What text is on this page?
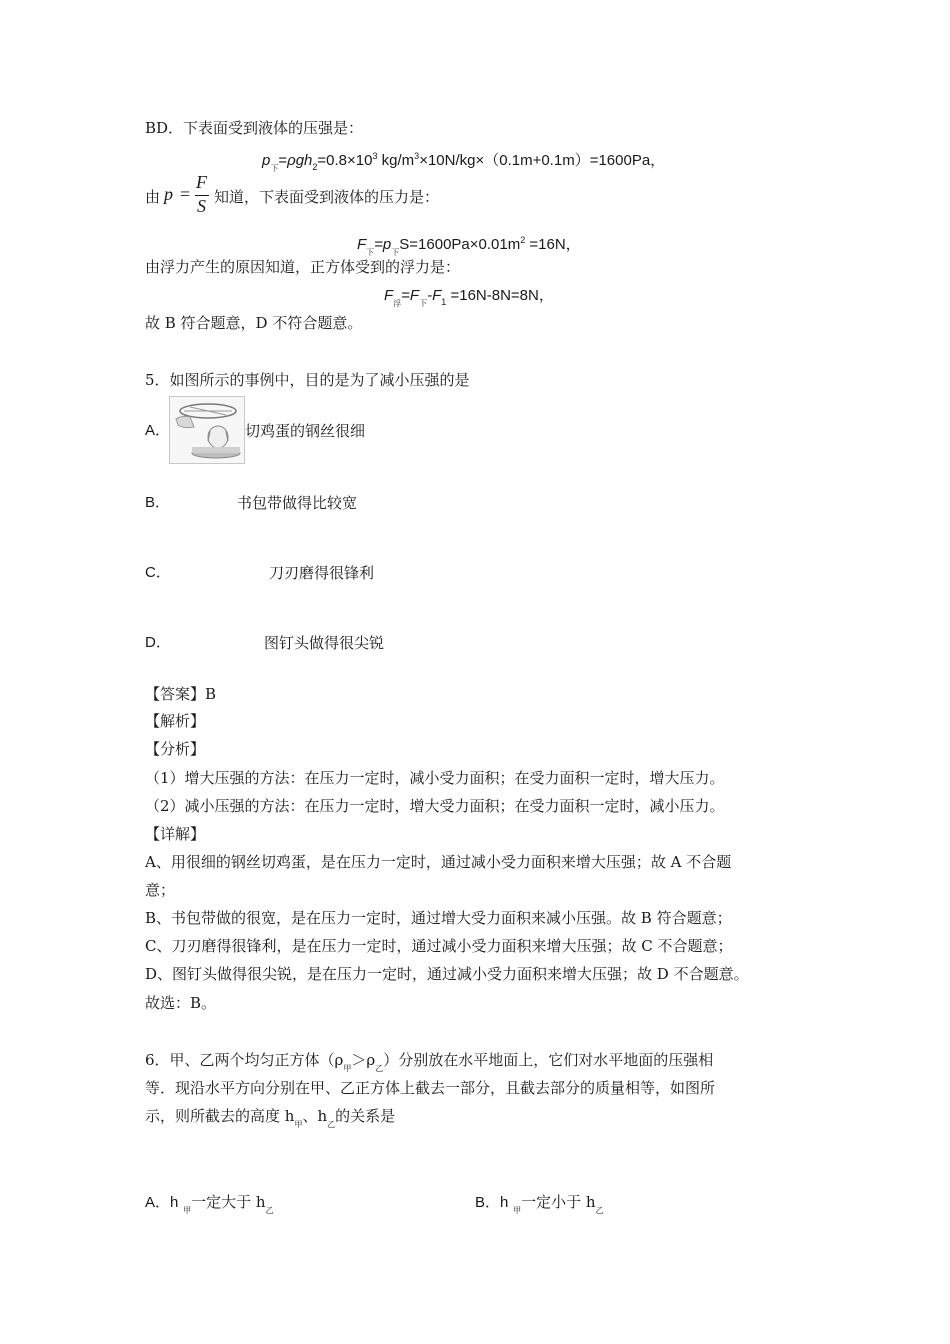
BD．下表面受到液体的压强是：
$p_下=\rho gh_2=0.8\times 10^3$ $kg/m^3\times 10N/kg\times(0.1m+0.1m)=1600Pa$，
由 p =
F
S 知道，下表面受到液体的压力是：
$F_下=p_下S=1600Pa\times 0.01m^2 =16N$，
由浮力产生的原因知道，正方体受到的浮力是：
$F_浮=F_下-F_1 =16N-8N=8N$，
故 B 符合题意，D 不符合题意。
5．如图所示的事例中，目的是为了减小压强的是
A．	切鸡蛋的钢丝很细
B．	书包带做得比较宽
C．	刀刃磨得很锋利
D．	图钉头做得很尖锐
【答案】B
【解析】
【分析】
（1）增大压强的方法：在压力一定时，减小受力面积；在受力面积一定时，增大压力。
（2）减小压强的方法：在压力一定时，增大受力面积；在受力面积一定时，减小压力。
【详解】
A、用很细的钢丝切鸡蛋，是在压力一定时，通过减小受力面积来增大压强；故 A 不合题
意；
B、书包带做的很宽，是在压力一定时，通过增大受力面积来减小压强。故 B 符合题意；
C、刀刃磨得很锋利，是在压力一定时，通过减小受力面积来增大压强；故 C 不合题意；
D、图钉头做得很尖锐，是在压力一定时，通过减小受力面积来增大压强；故 D 不合题意。
故选：B。
6．甲、乙两个均匀正方体$(\rho_甲>\rho_乙)$分别放在水平地面上，它们对水平地面的压强相
等．现沿水平方向分别在甲、乙正方体上截去一部分，且截去部分的质量相等，如图所
示，则所截去的高度 $h_甲$、$h_乙$的关系是
A．h $_甲$一定大于 $h_乙$	B．h $_甲$一定小于 $h_乙$
